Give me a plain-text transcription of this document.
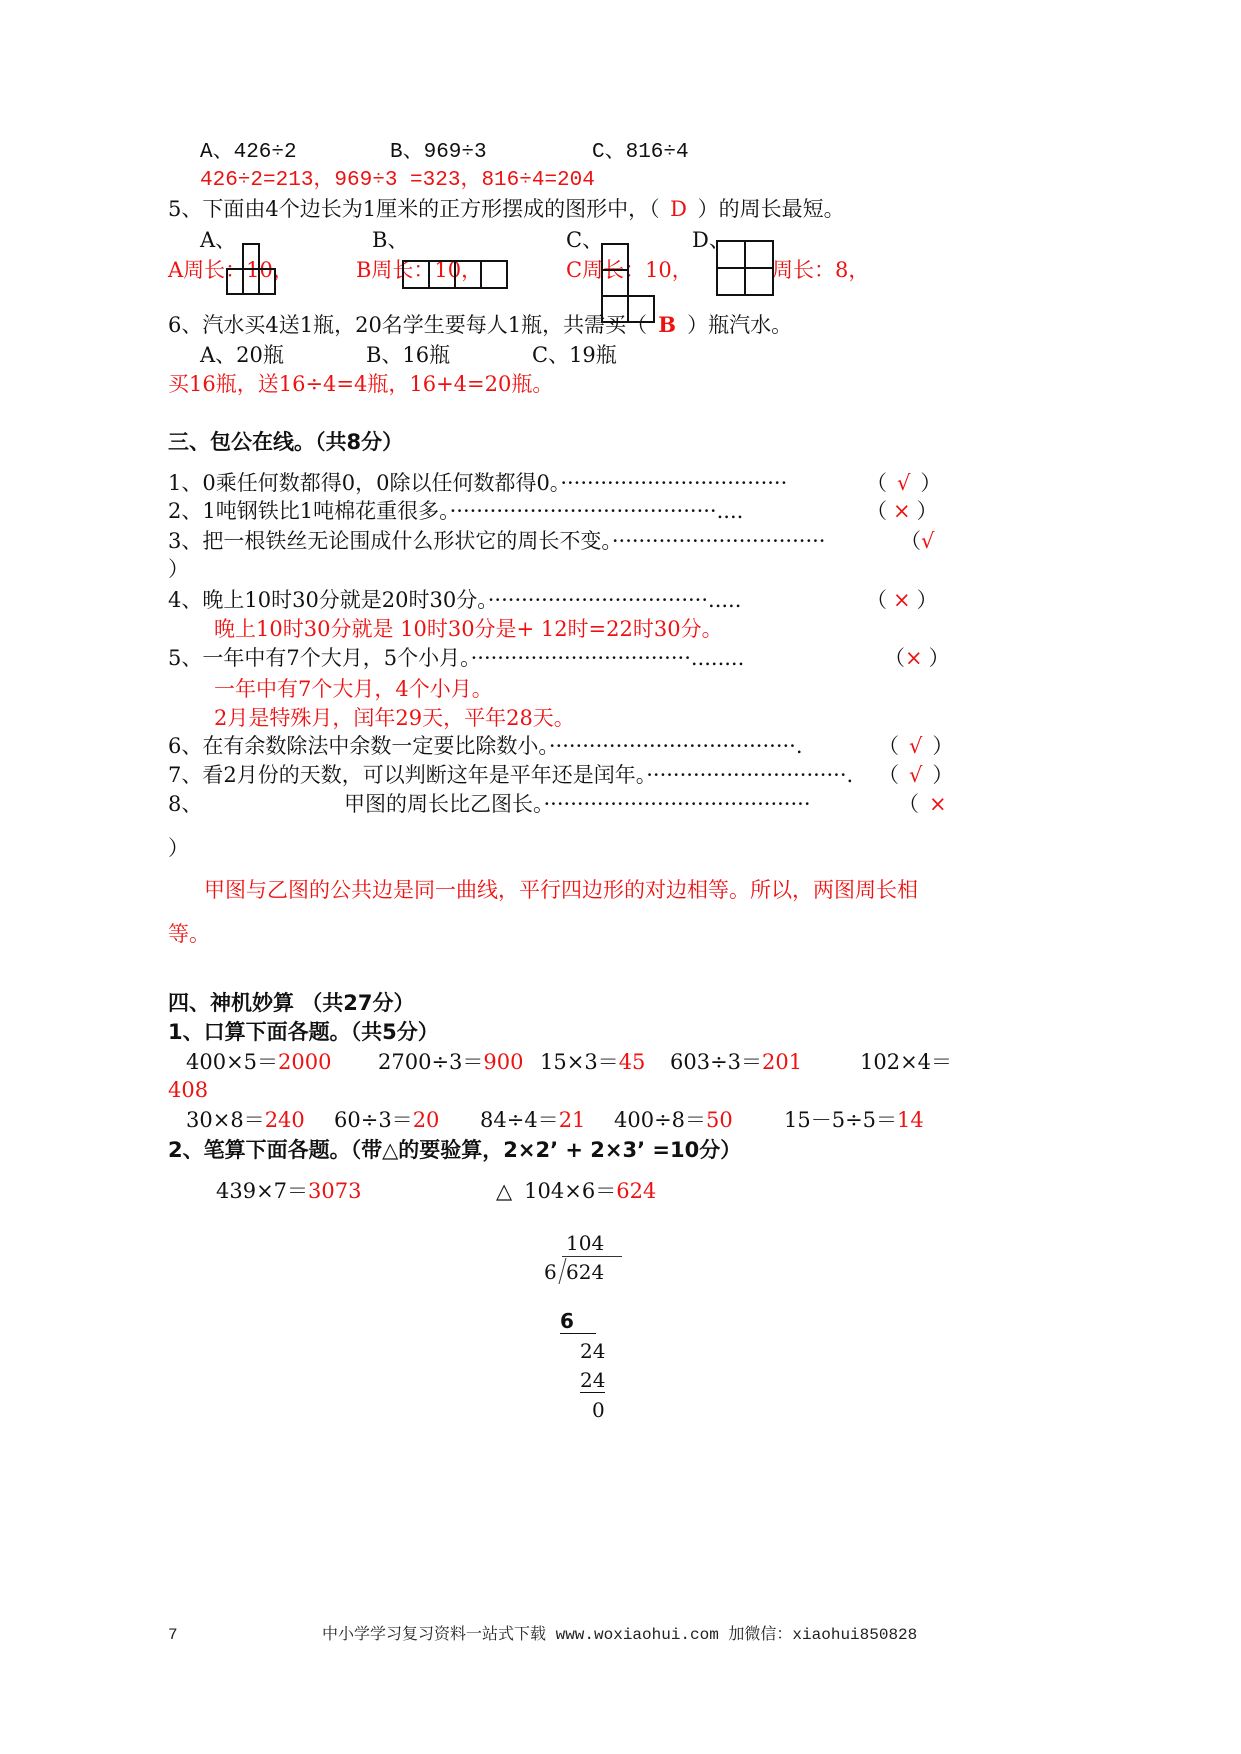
A、426÷2	B、969÷3	C、816÷4
426÷2=213，969÷3 =323，816÷4=204
5、下面由4个边长为1厘米的正方形摆成的图形中，（ D ）的周长最短。
A、	B、	C、	D、
A周长：10，	B周长：10，	C周长：10，	周长：8，
6、汽水买4送1瓶，20名学生要每人1瓶，共需买（ B ）瓶汽水。
A、20瓶	B、16瓶	C、19瓶
买16瓶，送16÷4=4瓶，16+4=20瓶。
三、包公在线。（共8分）
1、0乘任何数都得0，0除以任何数都得0。··································	（ √ ）
2、1吨钢铁比1吨棉花重很多。········································....	（ × ）
3、把一根铁丝无论围成什么形状它的周长不变。································	（√
）
4、晚上10时30分就是20时30分。·································.....	（ × ）
晚上10时30分就是 10时30分是+ 12时=22时30分。
5、一年中有7个大月，5个小月。·································........	（× ）
一年中有7个大月，4个小月。
2月是特殊月，闰年29天，平年28天。
6、在有余数除法中余数一定要比除数小。·····································.	（ √ ）
7、看2月份的天数，可以判断这年是平年还是闰年。······························. （ √ ）
8、	甲图的周长比乙图长。········································	（ ×
）
甲图与乙图的公共边是同一曲线，平行四边形的对边相等。所以，两图周长相
等。
四、神机妙算 （共27分）
1、口算下面各题。（共5分）
400×5＝2000 2700÷3＝900 15×3＝45 603÷3＝201	102×4＝
408
30×8＝240 60÷3＝20 84÷4＝21 400÷8＝50 15－5÷5＝14
2、笔算下面各题。（带△的要验算，2×2’ + 2×3’ =10分）
439×7＝3073	△ 104×6＝624
104
6 624
6
24
24
0
7	中小学学习复习资料一站式下载 www.woxiaohui.com 加微信：xiaohui850828
